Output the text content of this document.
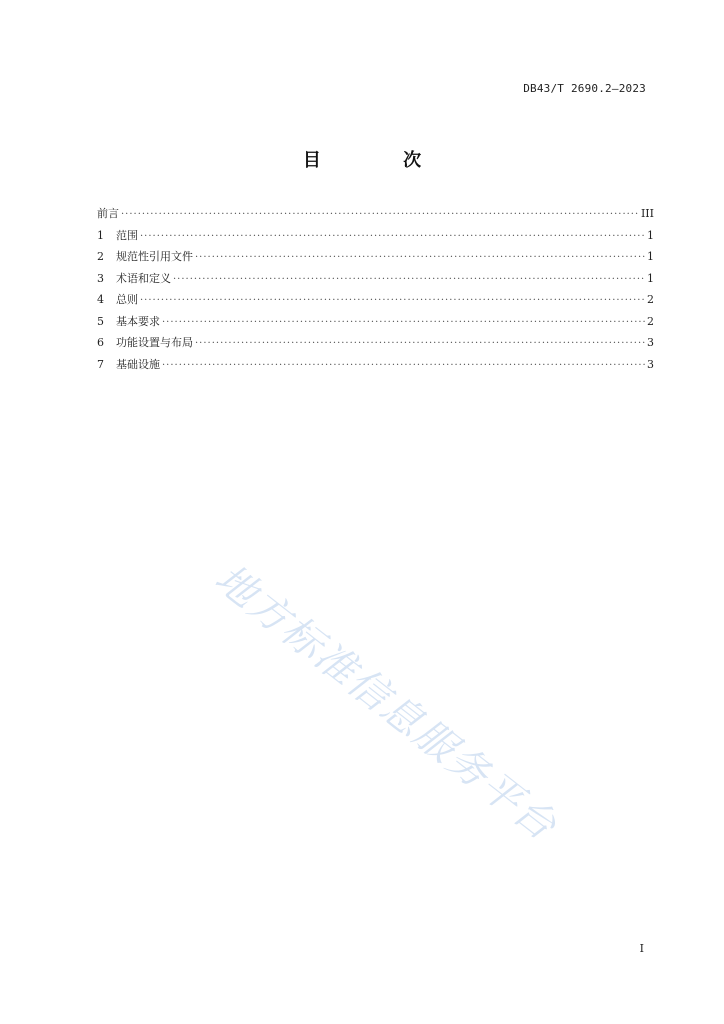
DB43/T 2690.2—2023
目 次
前言 ·····	III
1	范围 ·····	1
2	规范性引用文件 ·····	1
3	术语和定义 ·····	1
4	总则 ·····	2
5	基本要求 ·····	2
6	功能设置与布局 ·····	3
7	基础设施 ·····	3
地方标准信息服务平台
I
